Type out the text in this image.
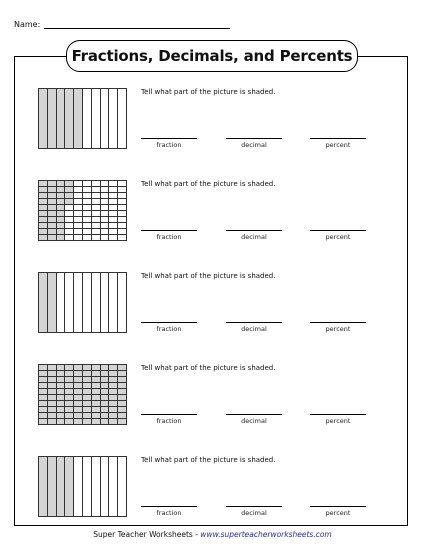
Name:
Fractions, Decimals, and Percents

Tell what part of the picture is shaded.
fraction	decimal	percent

Tell what part of the picture is shaded.
fraction	decimal	percent

Tell what part of the picture is shaded.
fraction	decimal	percent

Tell what part of the picture is shaded.
fraction	decimal	percent

Tell what part of the picture is shaded.
fraction	decimal	percent
Super Teacher Worksheets - www.superteacherworksheets.com
